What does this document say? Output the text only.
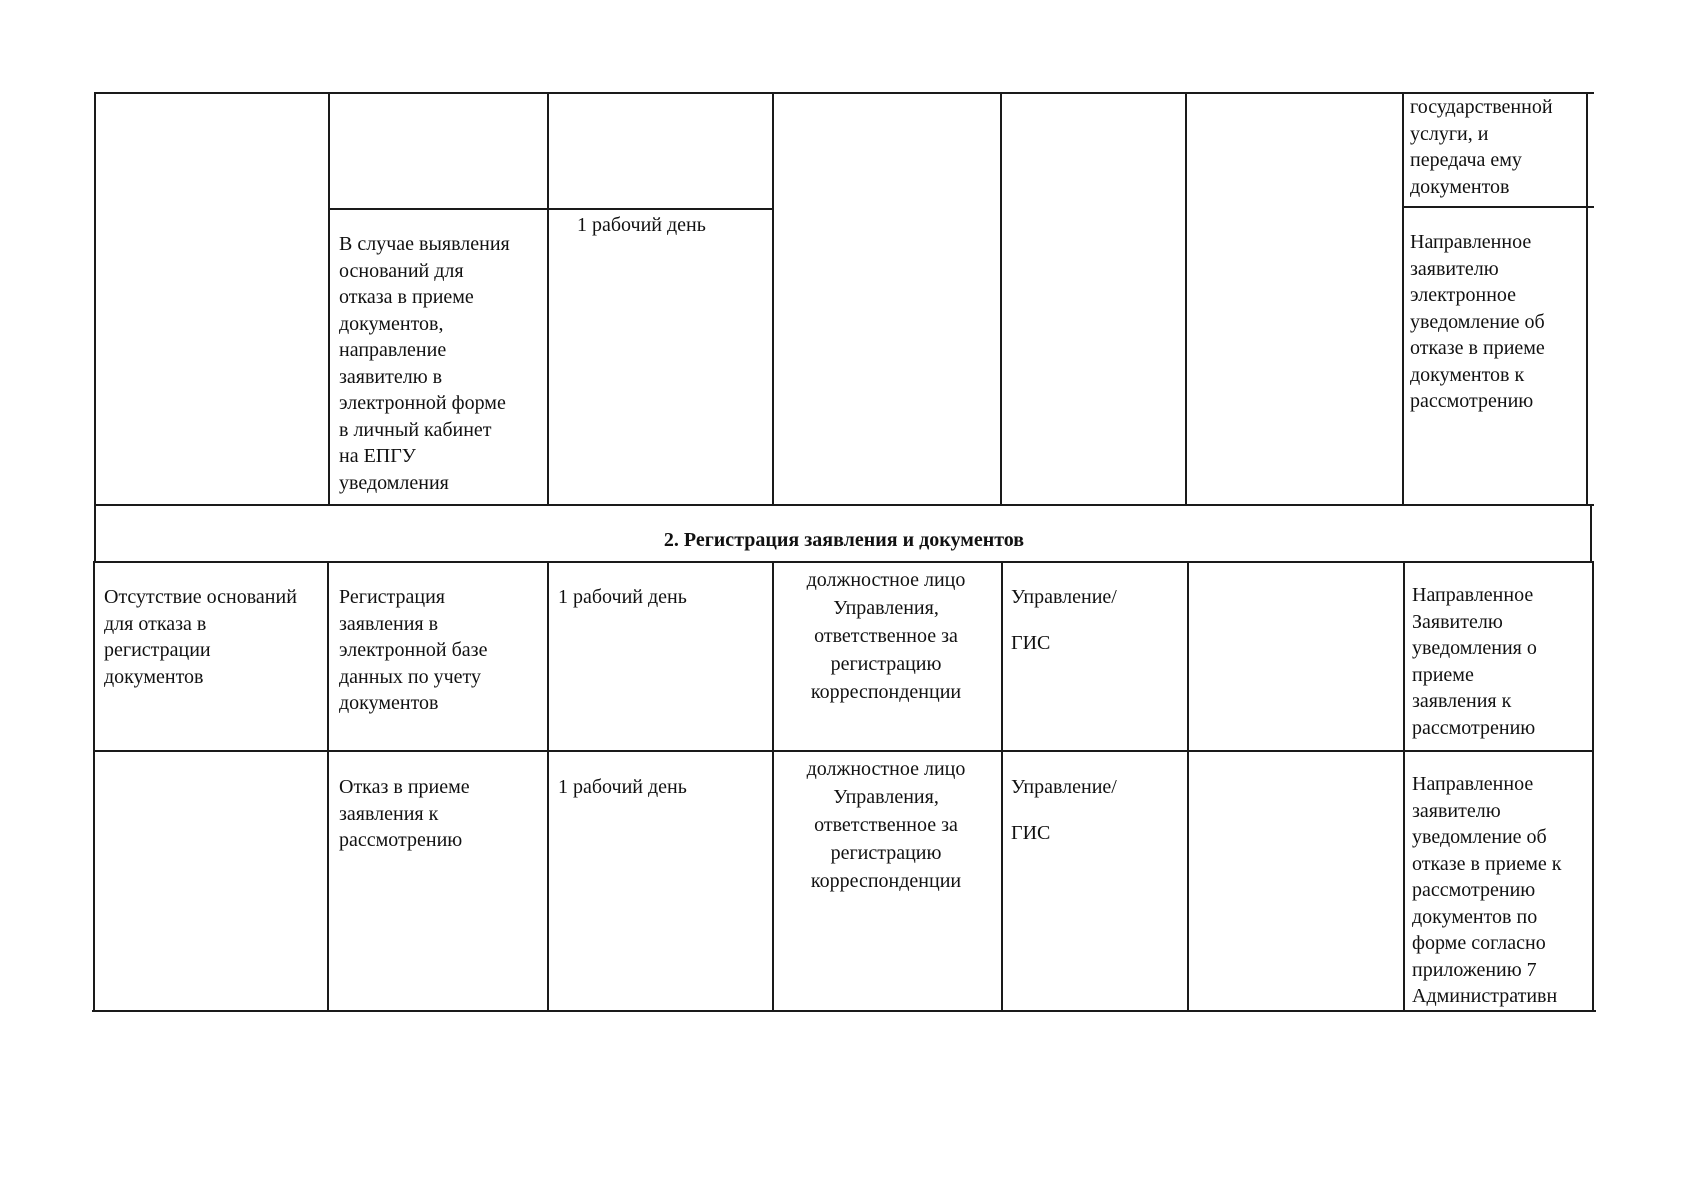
государственной
услуги, и
передача ему
документов
В случае выявления
оснований для
отказа в приеме
документов,
направление
заявителю в
электронной форме
в личный кабинет
на ЕПГУ
уведомления
1 рабочий день
Направленное
заявителю
электронное
уведомление об
отказе в приеме
документов к
рассмотрению
2. Регистрация заявления и документов
Отсутствие оснований
для отказа в
регистрации
документов
Регистрация
заявления в
электронной базе
данных по учету
документов
1 рабочий день
должностное лицо
Управления,
ответственное за
регистрацию
корреспонденции
Управление/
ГИС
Направленное
Заявителю
уведомления о
приеме
заявления к
рассмотрению
Отказ в приеме
заявления к
рассмотрению
1 рабочий день
должностное лицо
Управления,
ответственное за
регистрацию
корреспонденции
Управление/
ГИС
Направленное
заявителю
уведомление об
отказе в приеме к
рассмотрению
документов по
форме согласно
приложению 7
Административн
